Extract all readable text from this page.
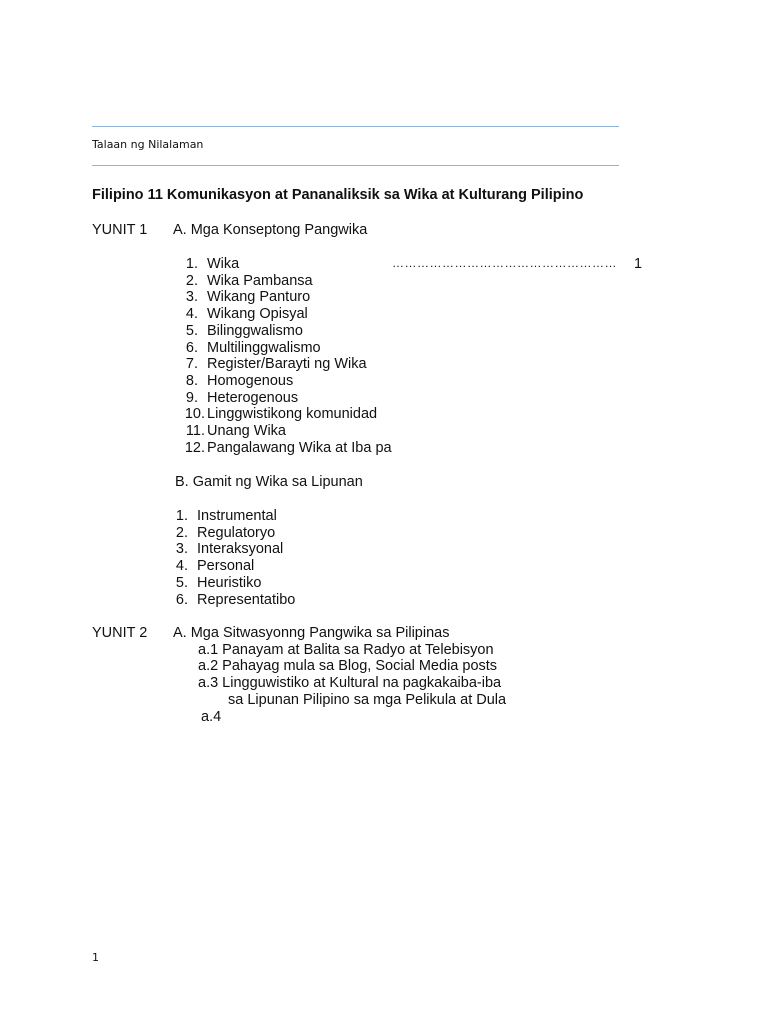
Talaan ng Nilalaman
Filipino 11 Komunikasyon at Pananaliksik sa Wika at Kulturang Pilipino
YUNIT 1 A. Mga Konseptong Pangwika
1. Wika
2. Wika Pambansa
3. Wikang Panturo
4. Wikang Opisyal
5. Bilinggwalismo
6. Multilinggwalismo
7. Register/Barayti ng Wika
8. Homogenous
9. Heterogenous
10. Linggwistikong komunidad
11. Unang Wika
12. Pangalawang Wika at Iba pa
……………………………………………… 1
B. Gamit ng Wika sa Lipunan
1. Instrumental
2. Regulatoryo
3. Interaksyonal
4. Personal
5. Heuristiko
6. Representatibo
YUNIT 2 A. Mga Sitwasyonng Pangwika sa Pilipinas
a.1 Panayam at Balita sa Radyo at Telebisyon
a.2 Pahayag mula sa Blog, Social Media posts
a.3 Lingguwistiko at Kultural na pagkakaiba-iba
sa Lipunan Pilipino sa mga Pelikula at Dula
a.4
1
